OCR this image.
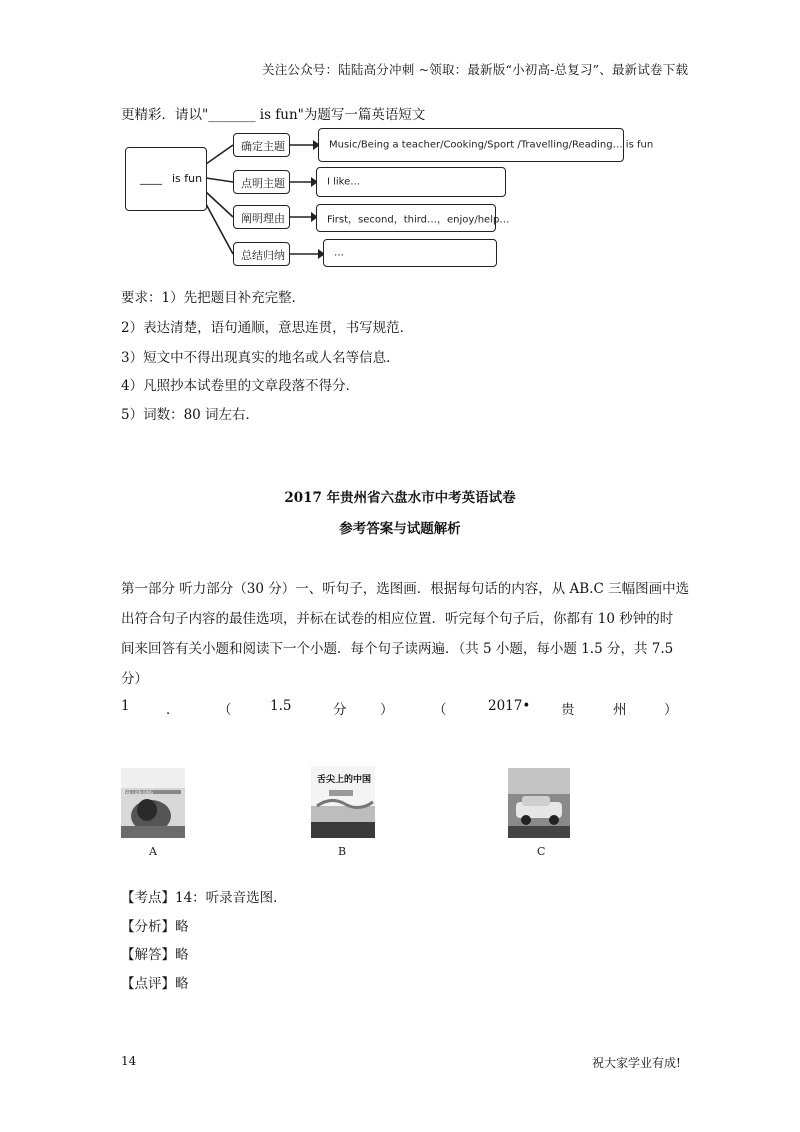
关注公众号：陆陆高分冲刺 ~领取：最新版“小初高-总复习”、最新试卷下载
更精彩．请以"_______ is fun"为题写一篇英语短文
____ is fun
确定主题
点明主题
阐明理由
总结归纳
Music/Being a teacher/Cooking/Sport /Travelling/Reading… is fun
I like…
First，second，third…，enjoy/help…
…
要求：1）先把题目补充完整．
2）表达清楚，语句通顺，意思连贯，书写规范．
3）短文中不得出现真实的地名或人名等信息．
4）凡照抄本试卷里的文章段落不得分．
5）词数：80 词左右．
2017 年贵州省六盘水市中考英语试卷
参考答案与试题解析
第一部分 听力部分（30 分）一、听句子，选图画．根据每句话的内容，从 AB.C 三幅图画中选
出符合句子内容的最佳选项，并标在试卷的相应位置．听完每个句子后，你都有 10 秒钟的时
间来回答有关小题和阅读下一个小题．每个句子读两遍．（共 5 小题，每小题 1.5 分，共 7.5
分）
1	．	（	1.5	分 ）	（	2017• 贵	州	）
THE LION KING
A
舌尖上的中国
B	C
【考点】14：听录音选图．
【分析】略
【解答】略
【点评】略
14	祝大家学业有成!
